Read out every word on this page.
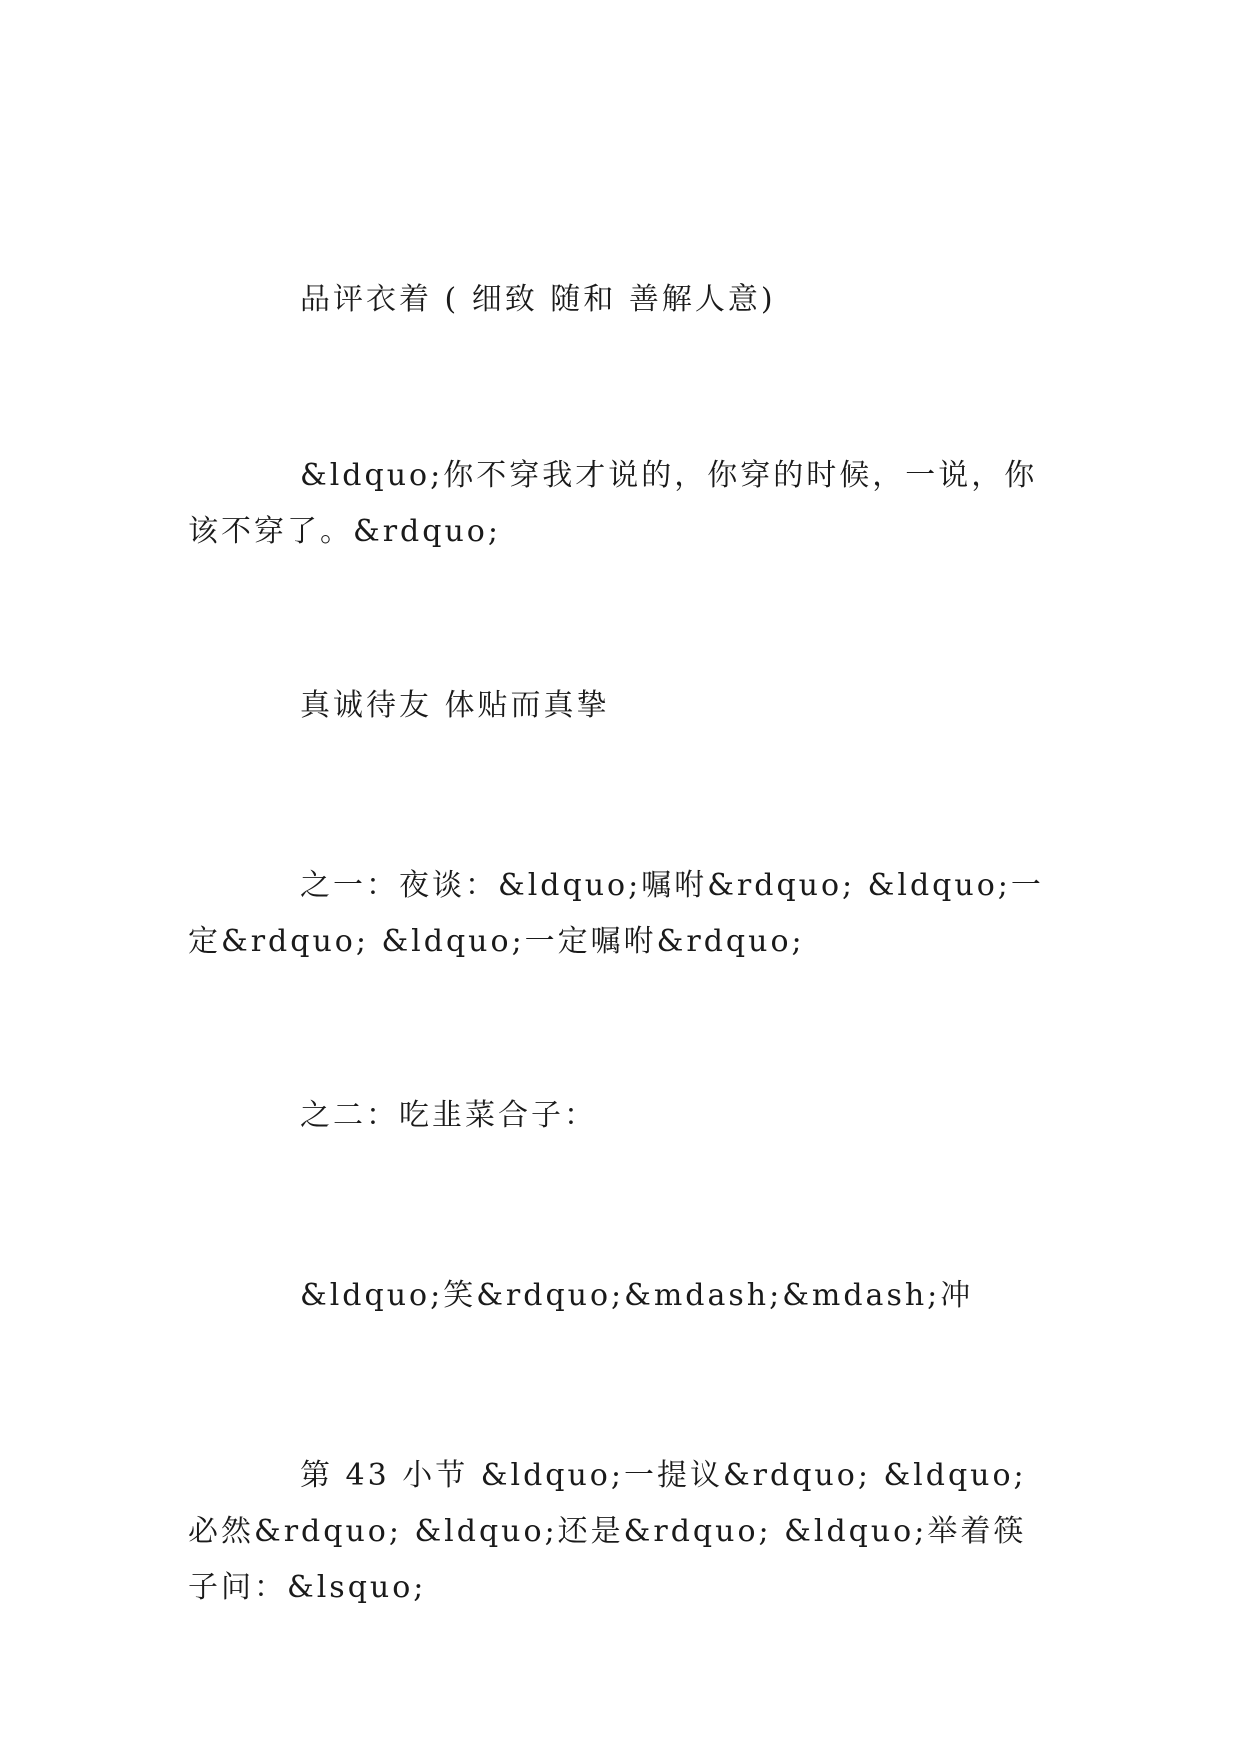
品评衣着 ( 细致 随和 善解人意)

&ldquo;你不穿我才说的，你穿的时候，一说，你该不穿了。&rdquo;

真诚待友 体贴而真挚

之一：夜谈：&ldquo;嘱咐&rdquo; &ldquo;一定&rdquo; &ldquo;一定嘱咐&rdquo;

之二：吃韭菜合子：

&ldquo;笑&rdquo;&mdash;&mdash;冲

第 43 小节 &ldquo;一提议&rdquo; &ldquo;必然&rdquo; &ldquo;还是&rdquo; &ldquo;举着筷子问：&lsquo;
